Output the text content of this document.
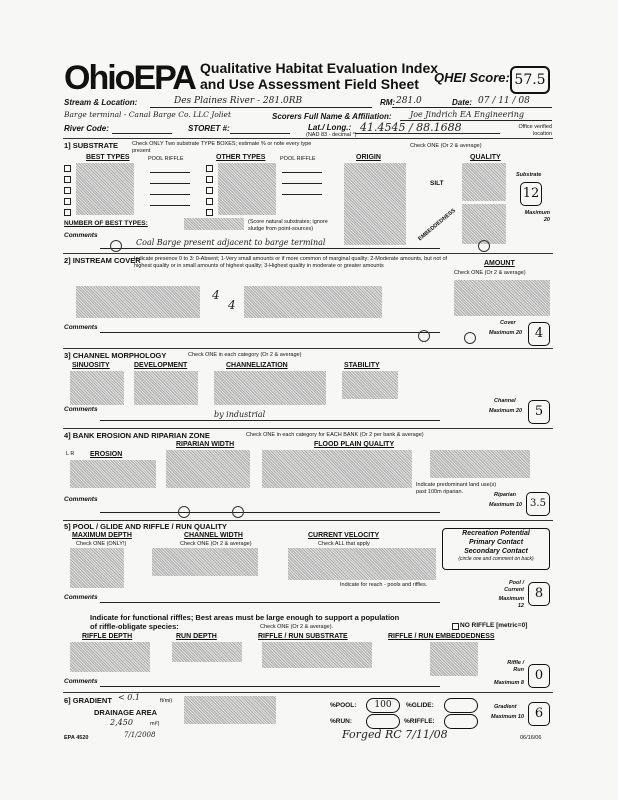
OhioEPA Qualitative Habitat Evaluation Index
and Use Assessment Field Sheet	QHEI Score: 57.5
Stream & Location:	Des Plaines River - 281.0RB	RM: 281.0	Date: 07 / 11 / 08
Barge terminal - Canal Barge Co. LLC Joliet	Scorers Full Name & Affiliation: Joe Jindrich EA Engineering
River Code:	STORET #:	Lat./ Long.:
(NAD 83 - decimal °)
41.4545 / 88.1688	Office verified location
1] SUBSTRATE	Check ONLY Two substrate TYPE BOXES; estimate % or note every type present
Check ONE (Or 2 & average)
BEST TYPES	POOL RIFFLE	OTHER TYPES	POOL RIFFLE	ORIGIN	QUALITY
SILT
EMBEDDEDNESS
NUMBER OF BEST TYPES:	(Score natural substrates; ignore sludge from point-sources)
Comments
Coal Barge present adjacent to barge terminal
Substrate
12
Maximum 20
2] INSTREAM COVER
Indicate presence 0 to 3: 0-Absent; 1-Very small amounts or if more common of marginal quality; 2-Moderate amounts, but not of highest quality or in small amounts of highest quality; 3-Highest quality in moderate or greater amounts	AMOUNT
Check ONE (Or 2 & average)
4
4
Comments
Cover
4
Maximum 20
3] CHANNEL MORPHOLOGY	Check ONE in each category (Or 2 & average)
SINUOSITY	DEVELOPMENT	CHANNELIZATION	STABILITY
Comments
by industrial
Channel
5
Maximum 20
4] BANK EROSION AND RIPARIAN ZONE	Check ONE in each category for EACH BANK (Or 2 per bank & average)
RIPARIAN WIDTH
EROSION
FLOOD PLAIN QUALITY
L R
Indicate predominant land use(s) past 100m riparian.
Comments
Riparian
3.5
Maximum 10
5] POOL / GLIDE AND RIFFLE / RUN QUALITY
MAXIMUM DEPTH
Check ONE (ONLY!)
CHANNEL WIDTH
Check ONE (Or 2 & average)
CURRENT VELOCITY
Check ALL that apply
Indicate for reach - pools and riffles.
Recreation Potential
Primary Contact
Secondary Contact
(circle one and comment on back)
Comments
Pool / Current 8
Maximum 12
Indicate for functional riffles; Best areas must be large enough to support a population
of riffle-obligate species:	Check ONE (Or 2 & average).	NO RIFFLE [metric=0]
RIFFLE DEPTH	RUN DEPTH	RIFFLE / RUN SUBSTRATE	RIFFLE / RUN EMBEDDEDNESS
Comments
Riffle / Run 0
Maximum 8
6] GRADIENT < 0.1	ft/mi)
DRAINAGE AREA
2,450	mi²)
%POOL:	100	%GLIDE:
%RUN:	%RIFFLE:
Gradient	6
Maximum 10
EPA 4520	7/1/2008	Forged RC 7/11/08	06/16/06
